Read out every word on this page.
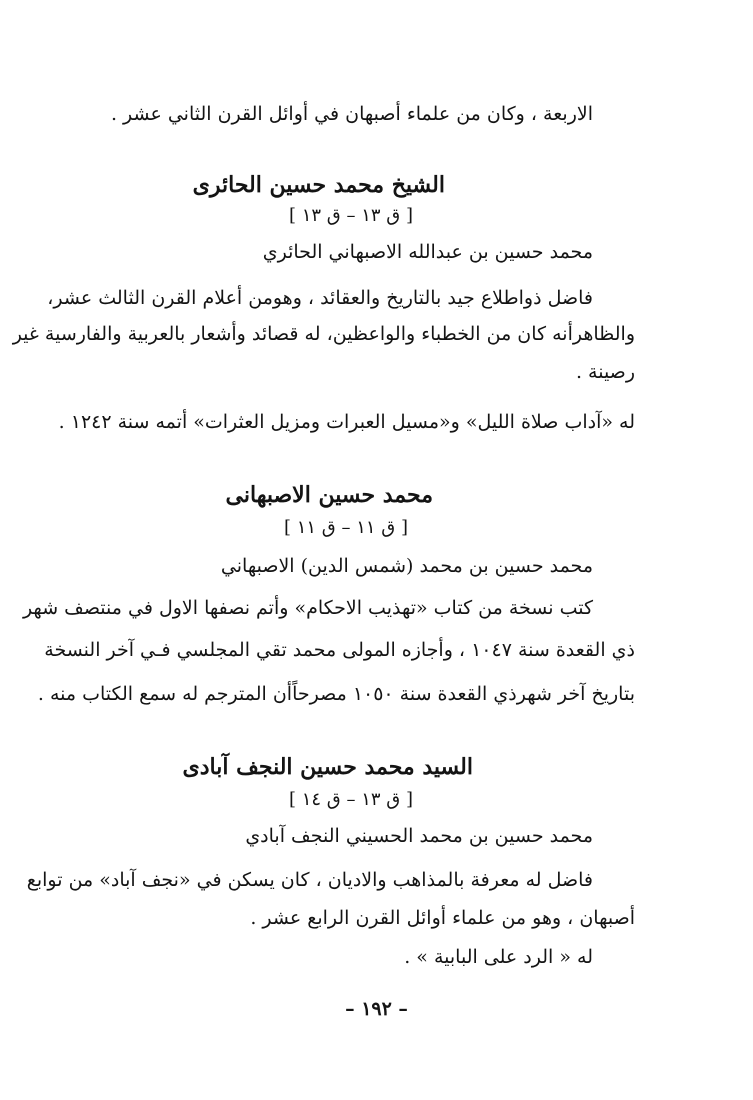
الاربعة ، وكان من علماء أصبهان في أوائل القرن الثاني عشر .
الشيخ محمد حسين الحائرى
[ ق ١٣ – ق ١٣ ]
محمد حسين بن عبدالله الاصبهاني الحائري
فاضل ذواطلاع جيد بالتاريخ والعقائد ، وهومن أعلام القرن الثالث عشر،
والظاهرأنه كان من الخطباء والواعظين، له قصائد وأشعار بالعربية والفارسية غير
رصينة .
له «آداب صلاة الليل» و«مسيل العبرات ومزيل العثرات» أتمه سنة ١٢٤٢ .
محمد حسين الاصبهانى
[ ق ١١ – ق ١١ ]
محمد حسين بن محمد (شمس الدين) الاصبهاني
كتب نسخة من كتاب «تهذيب الاحكام» وأتم نصفها الاول في منتصف شهر
ذي القعدة سنة ١٠٤٧ ، وأجازه المولى محمد تقي المجلسي فـي آخر النسخة
بتاريخ آخر شهرذي القعدة سنة ١٠٥٠ مصرحاًأن المترجم له سمع الكتاب منه .
السيد محمد حسين النجف آبادى
[ ق ١٣ – ق ١٤ ]
محمد حسين بن محمد الحسيني النجف آبادي
فاضل له معرفة بالمذاهب والاديان ، كان يسكن في «نجف آباد» من توابع
أصبهان ، وهو من علماء أوائل القرن الرابع عشر .
له « الرد على البابية » .
– ١٩٢ –
